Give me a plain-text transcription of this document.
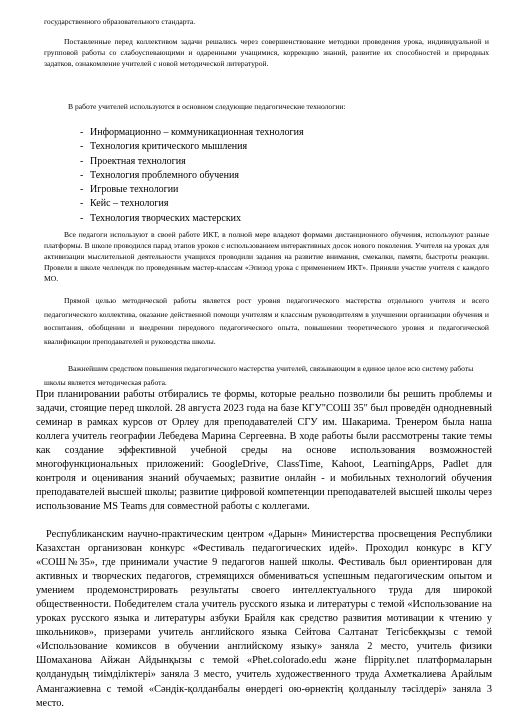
государственного образовательного стандарта.

Поставленные перед коллективом задачи решались через совершенствование методики проведения урока, индивидуальной и групповой работы со слабоуспевающими и одаренными учащимися, коррекцию знаний, развитие их способностей и природных задатков, ознакомление учителей с новой методической литературой.

В работе учителей используются в основном следующие педагогические технологии:

- Информационно – коммуникационная технология
- Технология критического мышления
- Проектная технология
- Технология проблемного обучения
- Игровые технологии
- Кейс – технология
- Технология творческих мастерских

Все педагоги используют в своей работе ИКТ, в полной мере владеют формами дистанционного обучения, используют разные платформы. В школе проводился парад этапов уроков с использованием интерактивных досок нового поколения. Учителя на уроках для активизации мыслительной деятельности учащихся проводили задания на развитие внимания, смекалки, памяти, быстроты реакции. Провели в школе челлендж по проведенным мастер-классам «Эпизод урока с применением ИКТ». Приняли участие учителя с каждого МО.

Прямой целью методической работы является рост уровня педагогического мастерства отдельного учителя и всего педагогического коллектива, оказание действенной помощи учителям и классным руководителям в улучшении организации обучения и воспитания, обобщении и внедрении передового педагогического опыта, повышении теоретического уровня и педагогической квалификации преподавателей и руководства школы.

Важнейшим средством повышения педагогического мастерства учителей, связывающим в единое целое всю систему работы школы является методическая работа.

При планировании работы отбирались те формы, которые реально позволили бы решить проблемы и задачи, стоящие перед школой. 28 августа 2023 года на базе КГУ"СОШ 35" был проведён однодневный семинар в рамках курсов от Орлеу для преподавателей СГУ им. Шакарима. Тренером была наша коллега учитель географии Лебедева Марина Сергеевна. В ходе работы были рассмотрены такие темы как создание эффективной учебной среды на основе использования возможностей многофункциональных приложений: GoogleDrive, ClassTime, Kahoot, LearningApps, Padlet для контроля и оценивания знаний обучаемых; развитие онлайн - и мобильных технологий обучения преподавателей высшей школы; развитие цифровой компетенции преподавателей высшей школы через использование MS Teams для совместной работы с коллегами.

Республиканским научно-практическим центром «Дарын» Министерства просвещения Республики Казахстан организован конкурс «Фестиваль педагогических идей». Проходил конкурс в КГУ «СОШ№35», где принимали участие 9 педагогов нашей школы. Фестиваль был ориентирован для активных и творческих педагогов, стремящихся обмениваться успешным педагогическим опытом и умением продемонстрировать результаты своего интеллектуального труда для широкой общественности. Победителем стала учитель русского языка и литературы с темой «Использование на уроках русского языка и литературы азбуки Брайля как средство развития мотивации к чтению у школьников», призерами учитель английского языка Сейтова Салтанат Тегісбекқызы с темой «Использование комиксов в обучении английскому языку» заняла 2 место, учитель физики Шомаханова Айжан Айдынқызы с темой «Phet.colorado.edu және flippity.net платформаларын қолданудың тиімділіктері» заняла 3 место, учитель художественного труда Ахметкалиева Арайлым Амангажиевна с темой «Сәндік-қолданбалы өнердегі ою-өрнектің қолданылу тәсілдері» заняла 3 место.
